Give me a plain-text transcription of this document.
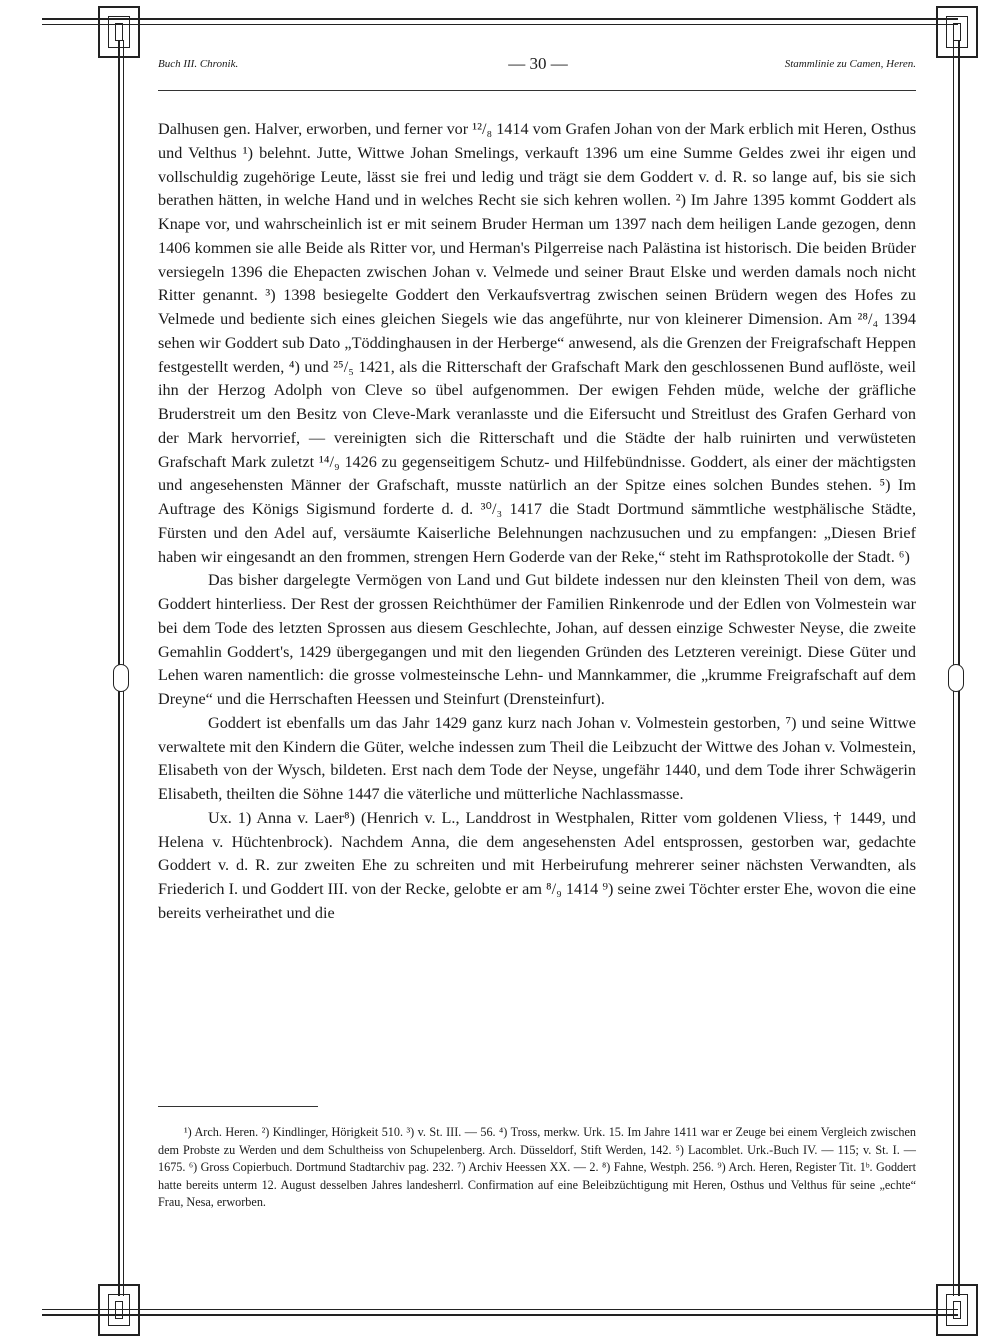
Buch III. Chronik.	— 30 —	Stammlinie zu Camen, Heren.

Dalhusen gen. Halver, erworben, und ferner vor ¹²/₈ 1414 vom Grafen Johan von der Mark erblich mit Heren, Osthus und Velthus ¹) belehnt. Jutte, Wittwe Johan Smelings, verkauft 1396 um eine Summe Geldes zwei ihr eigen und vollschuldig zugehörige Leute, lässt sie frei und ledig und trägt sie dem Goddert v. d. R. so lange auf, bis sie sich berathen hätten, in welche Hand und in welches Recht sie sich kehren wollen. ²) Im Jahre 1395 kommt Goddert als Knape vor, und wahrscheinlich ist er mit seinem Bruder Herman um 1397 nach dem heiligen Lande gezogen, denn 1406 kommen sie alle Beide als Ritter vor, und Herman's Pilgerreise nach Palästina ist historisch. Die beiden Brüder versiegeln 1396 die Ehepacten zwischen Johan v. Velmede und seiner Braut Elske und werden damals noch nicht Ritter genannt. ³) 1398 besiegelte Goddert den Verkaufsvertrag zwischen seinen Brüdern wegen des Hofes zu Velmede und bediente sich eines gleichen Siegels wie das angeführte, nur von kleinerer Dimension. Am ²⁸/₄ 1394 sehen wir Goddert sub Dato „Töddinghausen in der Herberge“ anwesend, als die Grenzen der Freigrafschaft Heppen festgestellt werden, ⁴) und ²⁵/₅ 1421, als die Ritterschaft der Grafschaft Mark den geschlossenen Bund auflöste, weil ihn der Herzog Adolph von Cleve so übel aufgenommen. Der ewigen Fehden müde, welche der gräfliche Bruderstreit um den Besitz von Cleve-Mark veranlasste und die Eifersucht und Streitlust des Grafen Gerhard von der Mark hervorrief, — vereinigten sich die Ritterschaft und die Städte der halb ruinirten und verwüsteten Grafschaft Mark zuletzt ¹⁴/₉ 1426 zu gegenseitigem Schutz- und Hilfebündnisse. Goddert, als einer der mächtigsten und angesehensten Männer der Grafschaft, musste natürlich an der Spitze eines solchen Bundes stehen. ⁵) Im Auftrage des Königs Sigismund forderte d. d. ³⁰/₃ 1417 die Stadt Dortmund sämmtliche westphälische Städte, Fürsten und den Adel auf, versäumte Kaiserliche Belehnungen nachzusuchen und zu empfangen: „Diesen Brief haben wir eingesandt an den frommen, strengen Hern Goderde van der Reke,“ steht im Rathsprotokolle der Stadt. ⁶)

Das bisher dargelegte Vermögen von Land und Gut bildete indessen nur den kleinsten Theil von dem, was Goddert hinterliess. Der Rest der grossen Reichthümer der Familien Rinkenrode und der Edlen von Volmestein war bei dem Tode des letzten Sprossen aus diesem Geschlechte, Johan, auf dessen einzige Schwester Neyse, die zweite Gemahlin Goddert's, 1429 übergegangen und mit den liegenden Gründen des Letzteren vereinigt. Diese Güter und Lehen waren namentlich: die grosse volmesteinsche Lehn- und Mannkammer, die „krumme Freigrafschaft auf dem Dreyne“ und die Herrschaften Heessen und Steinfurt (Drensteinfurt).

Goddert ist ebenfalls um das Jahr 1429 ganz kurz nach Johan v. Volmestein gestorben, ⁷) und seine Wittwe verwaltete mit den Kindern die Güter, welche indessen zum Theil die Leibzucht der Wittwe des Johan v. Volmestein, Elisabeth von der Wysch, bildeten. Erst nach dem Tode der Neyse, ungefähr 1440, und dem Tode ihrer Schwägerin Elisabeth, theilten die Söhne 1447 die väterliche und mütterliche Nachlassmasse.

Ux. 1) Anna v. Laer⁸) (Henrich v. L., Landdrost in Westphalen, Ritter vom goldenen Vliess, † 1449, und Helena v. Hüchtenbrock). Nachdem Anna, die dem angesehensten Adel entsprossen, gestorben war, gedachte Goddert v. d. R. zur zweiten Ehe zu schreiten und mit Herbeirufung mehrerer seiner nächsten Verwandten, als Friederich I. und Goddert III. von der Recke, gelobte er am ⁸/₉ 1414 ⁹) seine zwei Töchter erster Ehe, wovon die eine bereits verheirathet und die

¹) Arch. Heren. ²) Kindlinger, Hörigkeit 510. ³) v. St. III. — 56. ⁴) Tross, merkw. Urk. 15. Im Jahre 1411 war er Zeuge bei einem Vergleich zwischen dem Probste zu Werden und dem Schultheiss von Schupelenberg. Arch. Düsseldorf, Stift Werden, 142. ⁵) Lacomblet. Urk.-Buch IV. — 115; v. St. I. — 1675. ⁶) Gross Copierbuch. Dortmund Stadtarchiv pag. 232. ⁷) Archiv Heessen XX. — 2. ⁸) Fahne, Westph. 256. ⁹) Arch. Heren, Register Tit. 1ᵇ. Goddert hatte bereits unterm 12. August desselben Jahres landesherrl. Confirmation auf eine Beleibzüchtigung mit Heren, Osthus und Velthus für seine „echte“ Frau, Nesa, erworben.
